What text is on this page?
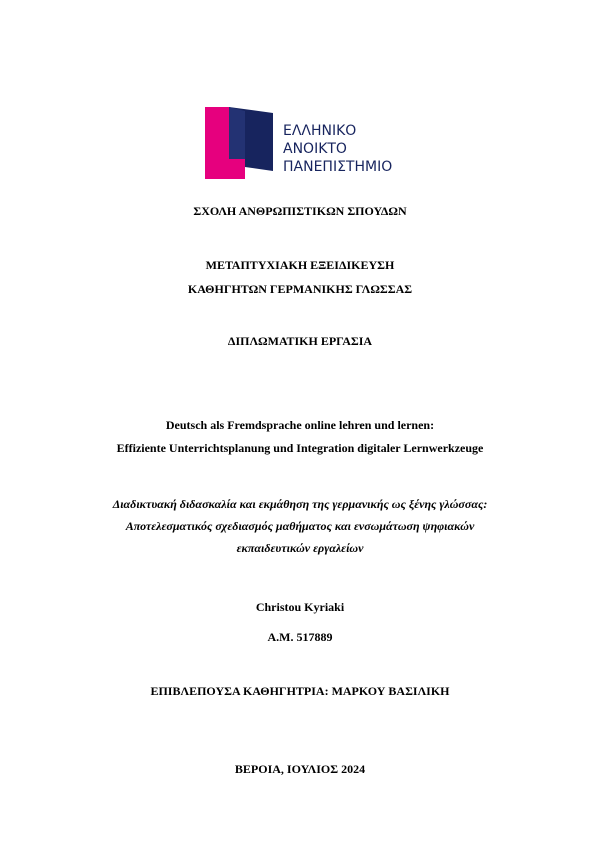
ΕΛΛΗΝΙΚΟ
ΑΝΟΙΚΤΟ
ΠΑΝΕΠΙΣΤΗΜΙΟ
ΣΧΟΛΗ ΑΝΘΡΩΠΙΣΤΙΚΩΝ ΣΠΟΥΔΩΝ
ΜΕΤΑΠΤΥΧΙΑΚΗ ΕΞΕΙΔΙΚΕΥΣΗ
ΚΑΘΗΓΗΤΩΝ ΓΕΡΜΑΝΙΚΗΣ ΓΛΩΣΣΑΣ
ΔΙΠΛΩΜΑΤΙΚΗ ΕΡΓΑΣΙΑ
Deutsch als Fremdsprache online lehren und lernen:
Effiziente Unterrichtsplanung und Integration digitaler Lernwerkzeuge
Διαδικτυακή διδασκαλία και εκμάθηση της γερμανικής ως ξένης γλώσσας:
Αποτελεσματικός σχεδιασμός μαθήματος και ενσωμάτωση ψηφιακών
εκπαιδευτικών εργαλείων
Christou Kyriaki
Α.Μ. 517889
ΕΠΙΒΛΕΠΟΥΣΑ ΚΑΘΗΓΗΤΡΙΑ: ΜΑΡΚΟΥ ΒΑΣΙΛΙΚΗ
ΒΕΡΟΙΑ, ΙΟΥΛΙΟΣ 2024
